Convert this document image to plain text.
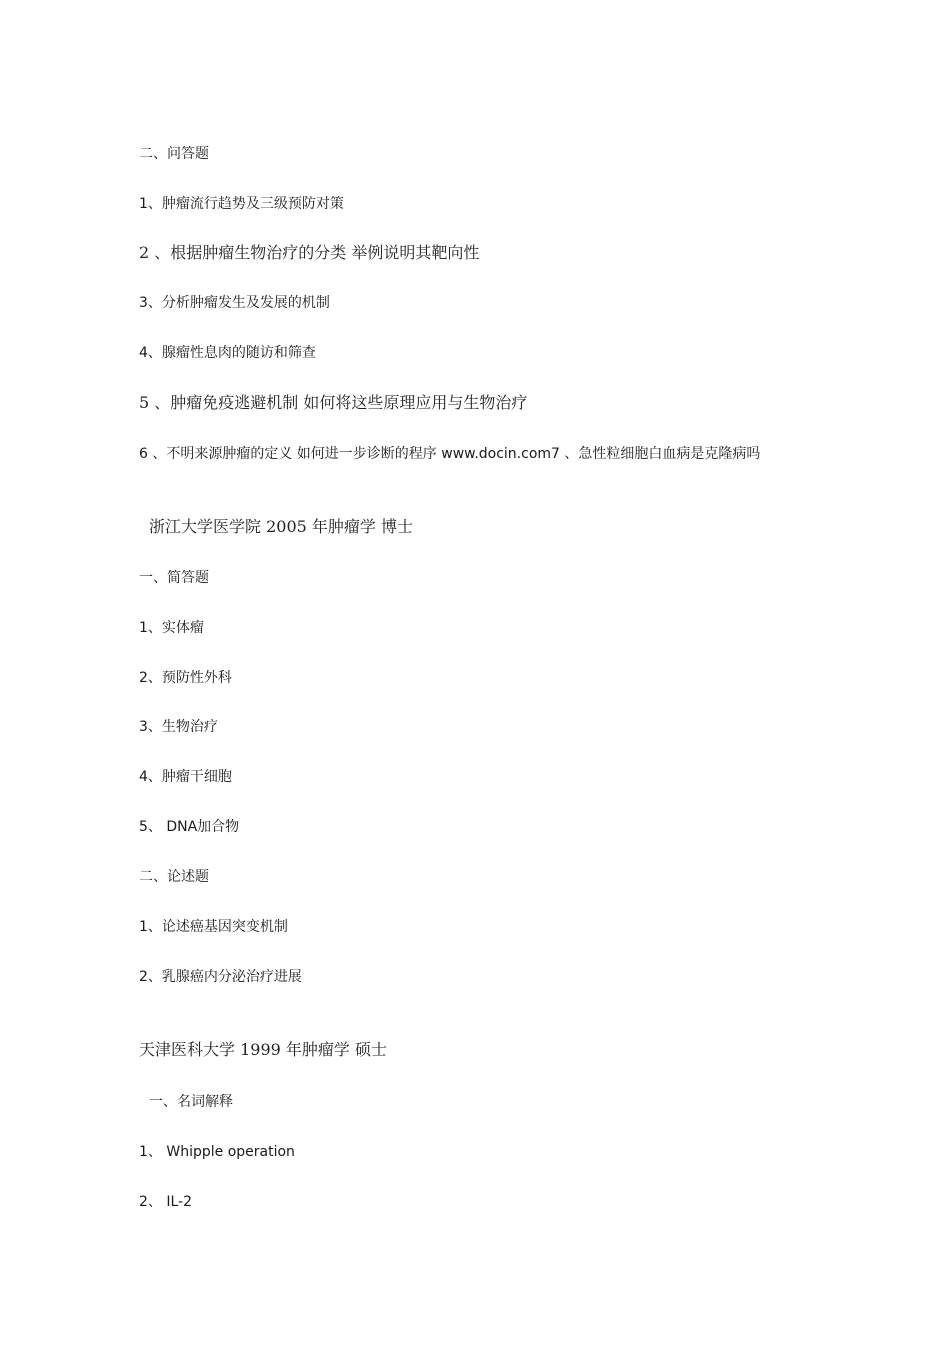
二、问答题
1、肿瘤流行趋势及三级预防对策
2 、根据肿瘤生物治疗的分类 举例说明其靶向性
3、分析肿瘤发生及发展的机制
4、腺瘤性息肉的随访和筛查
5 、肿瘤免疫逃避机制 如何将这些原理应用与生物治疗
6 、不明来源肿瘤的定义 如何进一步诊断的程序 www.docin.com7 、急性粒细胞白血病是克隆病吗
浙江大学医学院 2005 年肿瘤学 博士
一、简答题
1、实体瘤
2、预防性外科
3、生物治疗
4、肿瘤干细胞
5、 DNA加合物
二、论述题
1、论述癌基因突变机制
2、乳腺癌内分泌治疗进展
天津医科大学 1999 年肿瘤学 硕士
一、名词解释
1、 Whipple operation
2、 IL-2
